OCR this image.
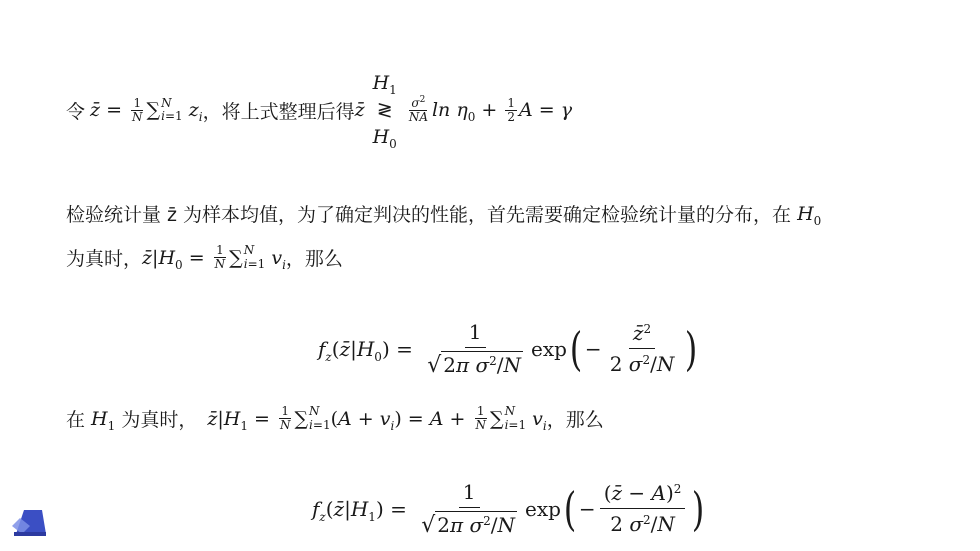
令 z̄ = $\frac{1}{N}$ ∑ N
i=1 $z_i$ ，将上式整理后得 z̄
$H_1$
≷
$H_0$
$\frac{\sigma^2}{NA}$ $\ln \eta_0 + \frac{1}{2}$ A = γ
检验统计量 z̄ 为样本均值，为了确定判决的性能，首先需要确定检验统计量的分布，在 $H_0$
为真时， z̄ | $H_0 = \frac{1}{N}$ ∑ N
i=1 $v_i$ ，那么
$f_z$ ( z̄ | $H_0$ ) = $\frac{1}{√ 2\pi \sigma^2/N}$ exp ( − $\frac{z̄^2}{2 \sigma^2/N}$ )
在 $H_1$ 为真时， z̄ | $H_1 = \frac{1}{N}$ ∑ N
i=1 ( $A + v_i$ ) = $A + \frac{1}{N}$ ∑ N
i=1 $v_i$ ，那么
$f_z$ ( z̄ | $H_1$ ) = $\frac{1}{√ 2\pi \sigma^2/N}$ exp ( − $\frac{(z̄ - A)^2}{2 \sigma^2/N}$ )
